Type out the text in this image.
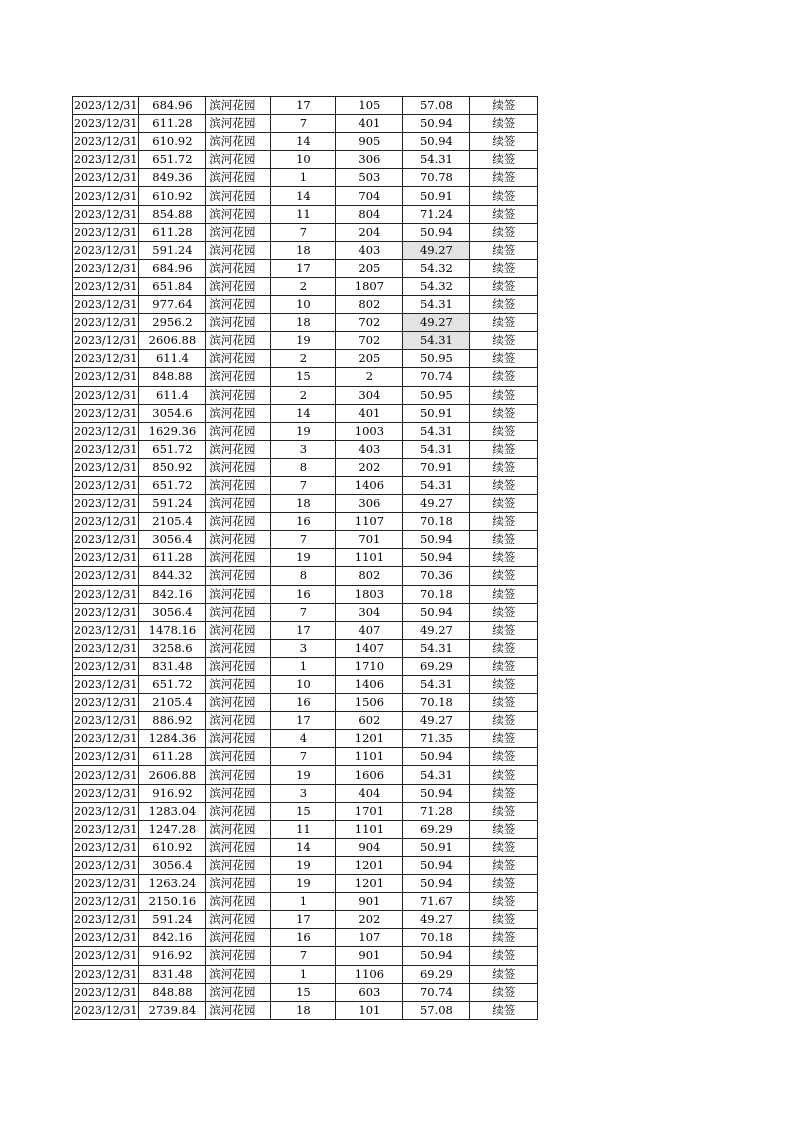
2023/12/31	684.96	滨河花园	17	105	57.08	续签
2023/12/31	611.28	滨河花园	7	401	50.94	续签
2023/12/31	610.92	滨河花园	14	905	50.94	续签
2023/12/31	651.72	滨河花园	10	306	54.31	续签
2023/12/31	849.36	滨河花园	1	503	70.78	续签
2023/12/31	610.92	滨河花园	14	704	50.91	续签
2023/12/31	854.88	滨河花园	11	804	71.24	续签
2023/12/31	611.28	滨河花园	7	204	50.94	续签
2023/12/31	591.24	滨河花园	18	403	49.27	续签
2023/12/31	684.96	滨河花园	17	205	54.32	续签
2023/12/31	651.84	滨河花园	2	1807	54.32	续签
2023/12/31	977.64	滨河花园	10	802	54.31	续签
2023/12/31	2956.2	滨河花园	18	702	49.27	续签
2023/12/31	2606.88	滨河花园	19	702	54.31	续签
2023/12/31	611.4	滨河花园	2	205	50.95	续签
2023/12/31	848.88	滨河花园	15	2	70.74	续签
2023/12/31	611.4	滨河花园	2	304	50.95	续签
2023/12/31	3054.6	滨河花园	14	401	50.91	续签
2023/12/31	1629.36	滨河花园	19	1003	54.31	续签
2023/12/31	651.72	滨河花园	3	403	54.31	续签
2023/12/31	850.92	滨河花园	8	202	70.91	续签
2023/12/31	651.72	滨河花园	7	1406	54.31	续签
2023/12/31	591.24	滨河花园	18	306	49.27	续签
2023/12/31	2105.4	滨河花园	16	1107	70.18	续签
2023/12/31	3056.4	滨河花园	7	701	50.94	续签
2023/12/31	611.28	滨河花园	19	1101	50.94	续签
2023/12/31	844.32	滨河花园	8	802	70.36	续签
2023/12/31	842.16	滨河花园	16	1803	70.18	续签
2023/12/31	3056.4	滨河花园	7	304	50.94	续签
2023/12/31	1478.16	滨河花园	17	407	49.27	续签
2023/12/31	3258.6	滨河花园	3	1407	54.31	续签
2023/12/31	831.48	滨河花园	1	1710	69.29	续签
2023/12/31	651.72	滨河花园	10	1406	54.31	续签
2023/12/31	2105.4	滨河花园	16	1506	70.18	续签
2023/12/31	886.92	滨河花园	17	602	49.27	续签
2023/12/31	1284.36	滨河花园	4	1201	71.35	续签
2023/12/31	611.28	滨河花园	7	1101	50.94	续签
2023/12/31	2606.88	滨河花园	19	1606	54.31	续签
2023/12/31	916.92	滨河花园	3	404	50.94	续签
2023/12/31	1283.04	滨河花园	15	1701	71.28	续签
2023/12/31	1247.28	滨河花园	11	1101	69.29	续签
2023/12/31	610.92	滨河花园	14	904	50.91	续签
2023/12/31	3056.4	滨河花园	19	1201	50.94	续签
2023/12/31	1263.24	滨河花园	19	1201	50.94	续签
2023/12/31	2150.16	滨河花园	1	901	71.67	续签
2023/12/31	591.24	滨河花园	17	202	49.27	续签
2023/12/31	842.16	滨河花园	16	107	70.18	续签
2023/12/31	916.92	滨河花园	7	901	50.94	续签
2023/12/31	831.48	滨河花园	1	1106	69.29	续签
2023/12/31	848.88	滨河花园	15	603	70.74	续签
2023/12/31	2739.84	滨河花园	18	101	57.08	续签
